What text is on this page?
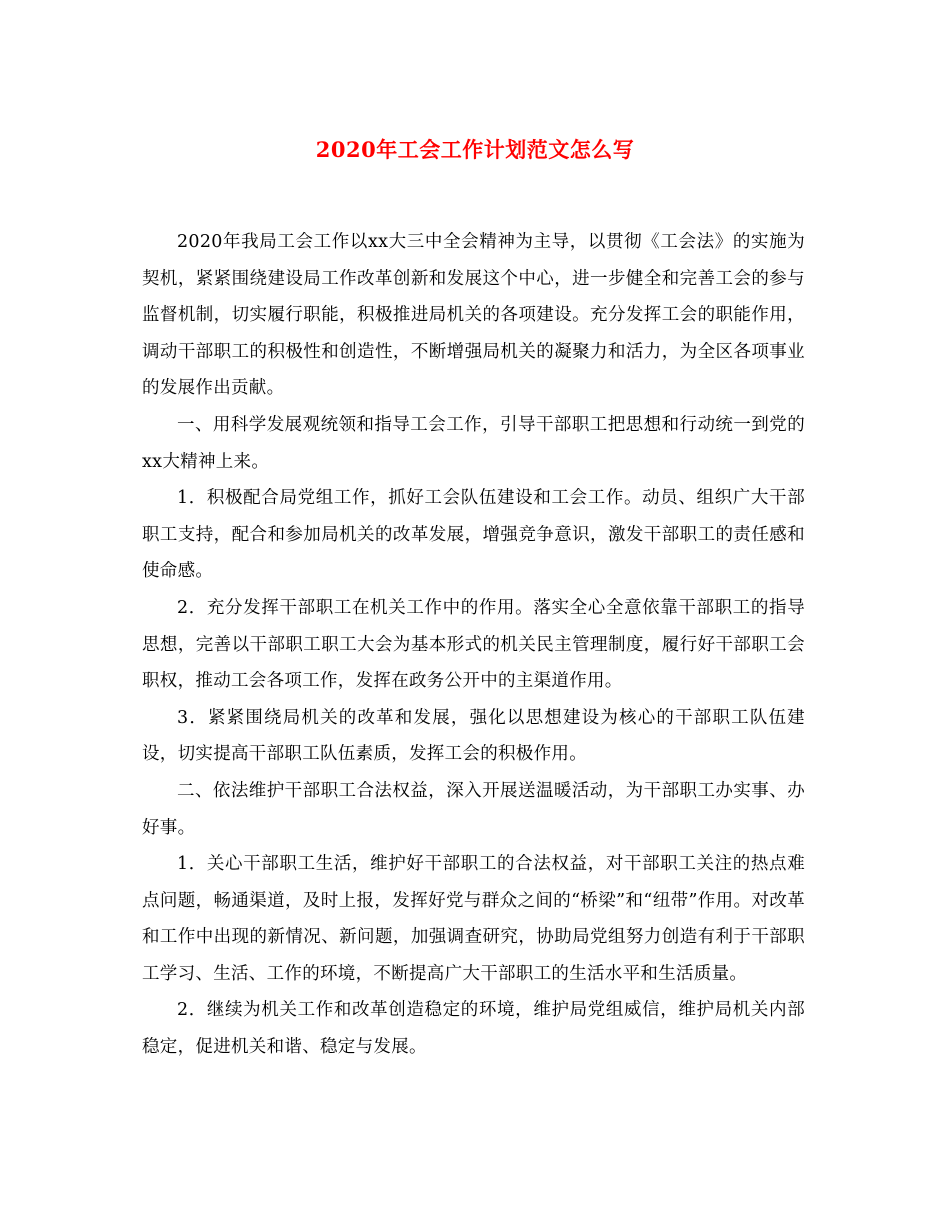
2020年工会工作计划范文怎么写

2020年我局工会工作以xx大三中全会精神为主导，以贯彻《工会法》的实施为契机，紧紧围绕建设局工作改革创新和发展这个中心，进一步健全和完善工会的参与监督机制，切实履行职能，积极推进局机关的各项建设。充分发挥工会的职能作用，调动干部职工的积极性和创造性，不断增强局机关的凝聚力和活力，为全区各项事业的发展作出贡献。

一、用科学发展观统领和指导工会工作，引导干部职工把思想和行动统一到党的xx大精神上来。

1．积极配合局党组工作，抓好工会队伍建设和工会工作。动员、组织广大干部职工支持，配合和参加局机关的改革发展，增强竞争意识，激发干部职工的责任感和使命感。

2．充分发挥干部职工在机关工作中的作用。落实全心全意依靠干部职工的指导思想，完善以干部职工职工大会为基本形式的机关民主管理制度，履行好干部职工会职权，推动工会各项工作，发挥在政务公开中的主渠道作用。

3．紧紧围绕局机关的改革和发展，强化以思想建设为核心的干部职工队伍建设，切实提高干部职工队伍素质，发挥工会的积极作用。

二、依法维护干部职工合法权益，深入开展送温暖活动，为干部职工办实事、办好事。

1．关心干部职工生活，维护好干部职工的合法权益，对干部职工关注的热点难点问题，畅通渠道，及时上报，发挥好党与群众之间的“桥梁”和“纽带”作用。对改革和工作中出现的新情况、新问题，加强调查研究，协助局党组努力创造有利于干部职工学习、生活、工作的环境，不断提高广大干部职工的生活水平和生活质量。

2．继续为机关工作和改革创造稳定的环境，维护局党组威信，维护局机关内部稳定，促进机关和谐、稳定与发展。
